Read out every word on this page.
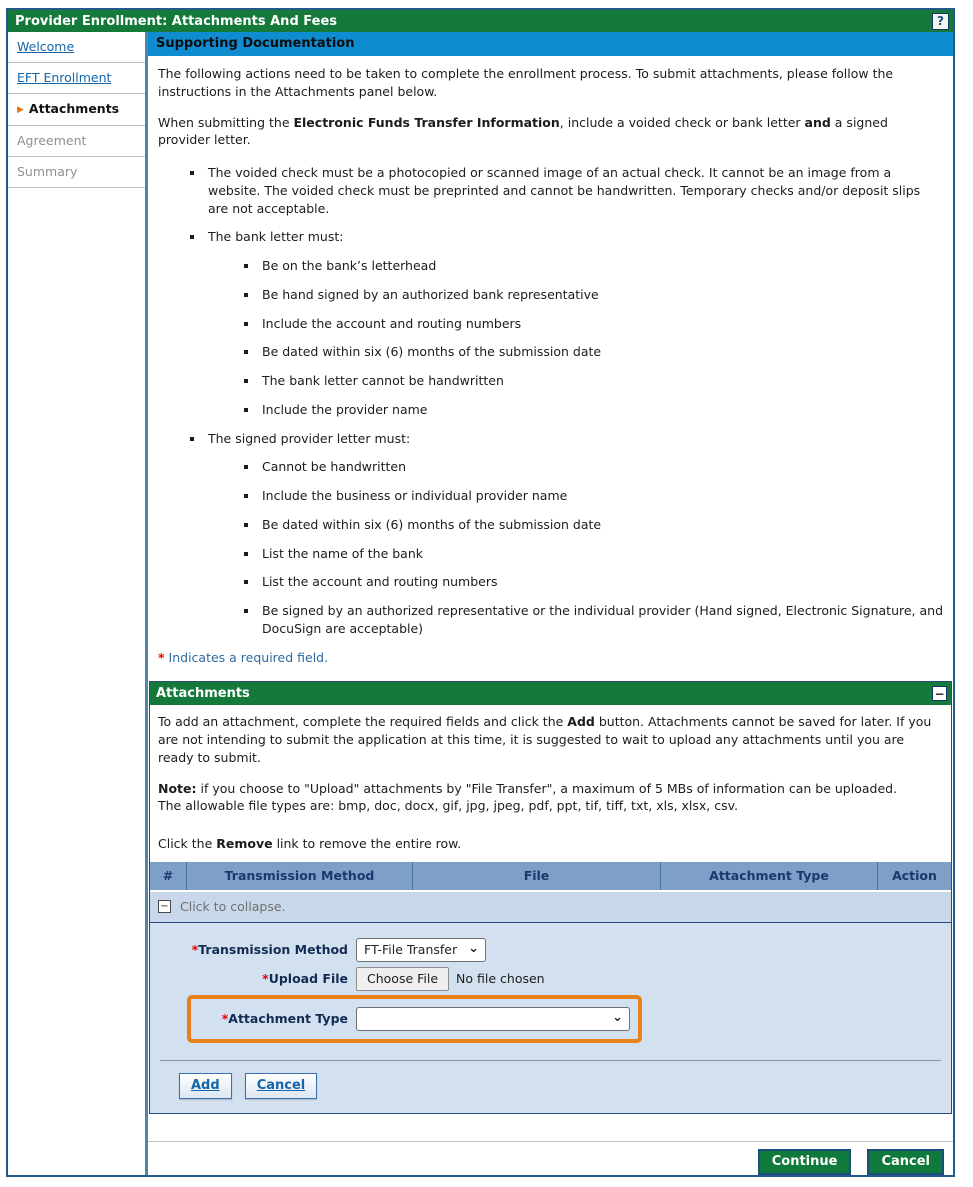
Provider Enrollment: Attachments And Fees	?
Welcome
EFT Enrollment
▶ Attachments
Agreement
Summary
Supporting Documentation

The following actions need to be taken to complete the enrollment process. To submit attachments, please follow the instructions in the Attachments panel below.

When submitting the Electronic Funds Transfer Information, include a voided check or bank letter and a signed provider letter.

▪ The voided check must be a photocopied or scanned image of an actual check. It cannot be an image from a website. The voided check must be preprinted and cannot be handwritten. Temporary checks and/or deposit slips are not acceptable.
▪ The bank letter must:
▪ Be on the bank’s letterhead
▪ Be hand signed by an authorized bank representative
▪ Include the account and routing numbers
▪ Be dated within six (6) months of the submission date
▪ The bank letter cannot be handwritten
▪ Include the provider name
▪ The signed provider letter must:
▪ Cannot be handwritten
▪ Include the business or individual provider name
▪ Be dated within six (6) months of the submission date
▪ List the name of the bank
▪ List the account and routing numbers
▪ Be signed by an authorized representative or the individual provider (Hand signed, Electronic Signature, and DocuSign are acceptable)

* Indicates a required field.

Attachments	−

To add an attachment, complete the required fields and click the Add button. Attachments cannot be saved for later. If you are not intending to submit the application at this time, it is suggested to wait to upload any attachments until you are ready to submit.

Note: if you choose to "Upload" attachments by "File Transfer", a maximum of 5 MBs of information can be uploaded.

The allowable file types are: bmp, doc, docx, gif, jpg, jpeg, pdf, ppt, tif, tiff, txt, xls, xlsx, csv.

Click the Remove link to remove the entire row.

#	Transmission Method	File	Attachment Type	Action
− Click to collapse.
*Transmission Method	FT-File Transfer ⌄
*Upload File	Choose File	No file chosen
*Attachment Type	⌄
Add	Cancel
Continue	Cancel
